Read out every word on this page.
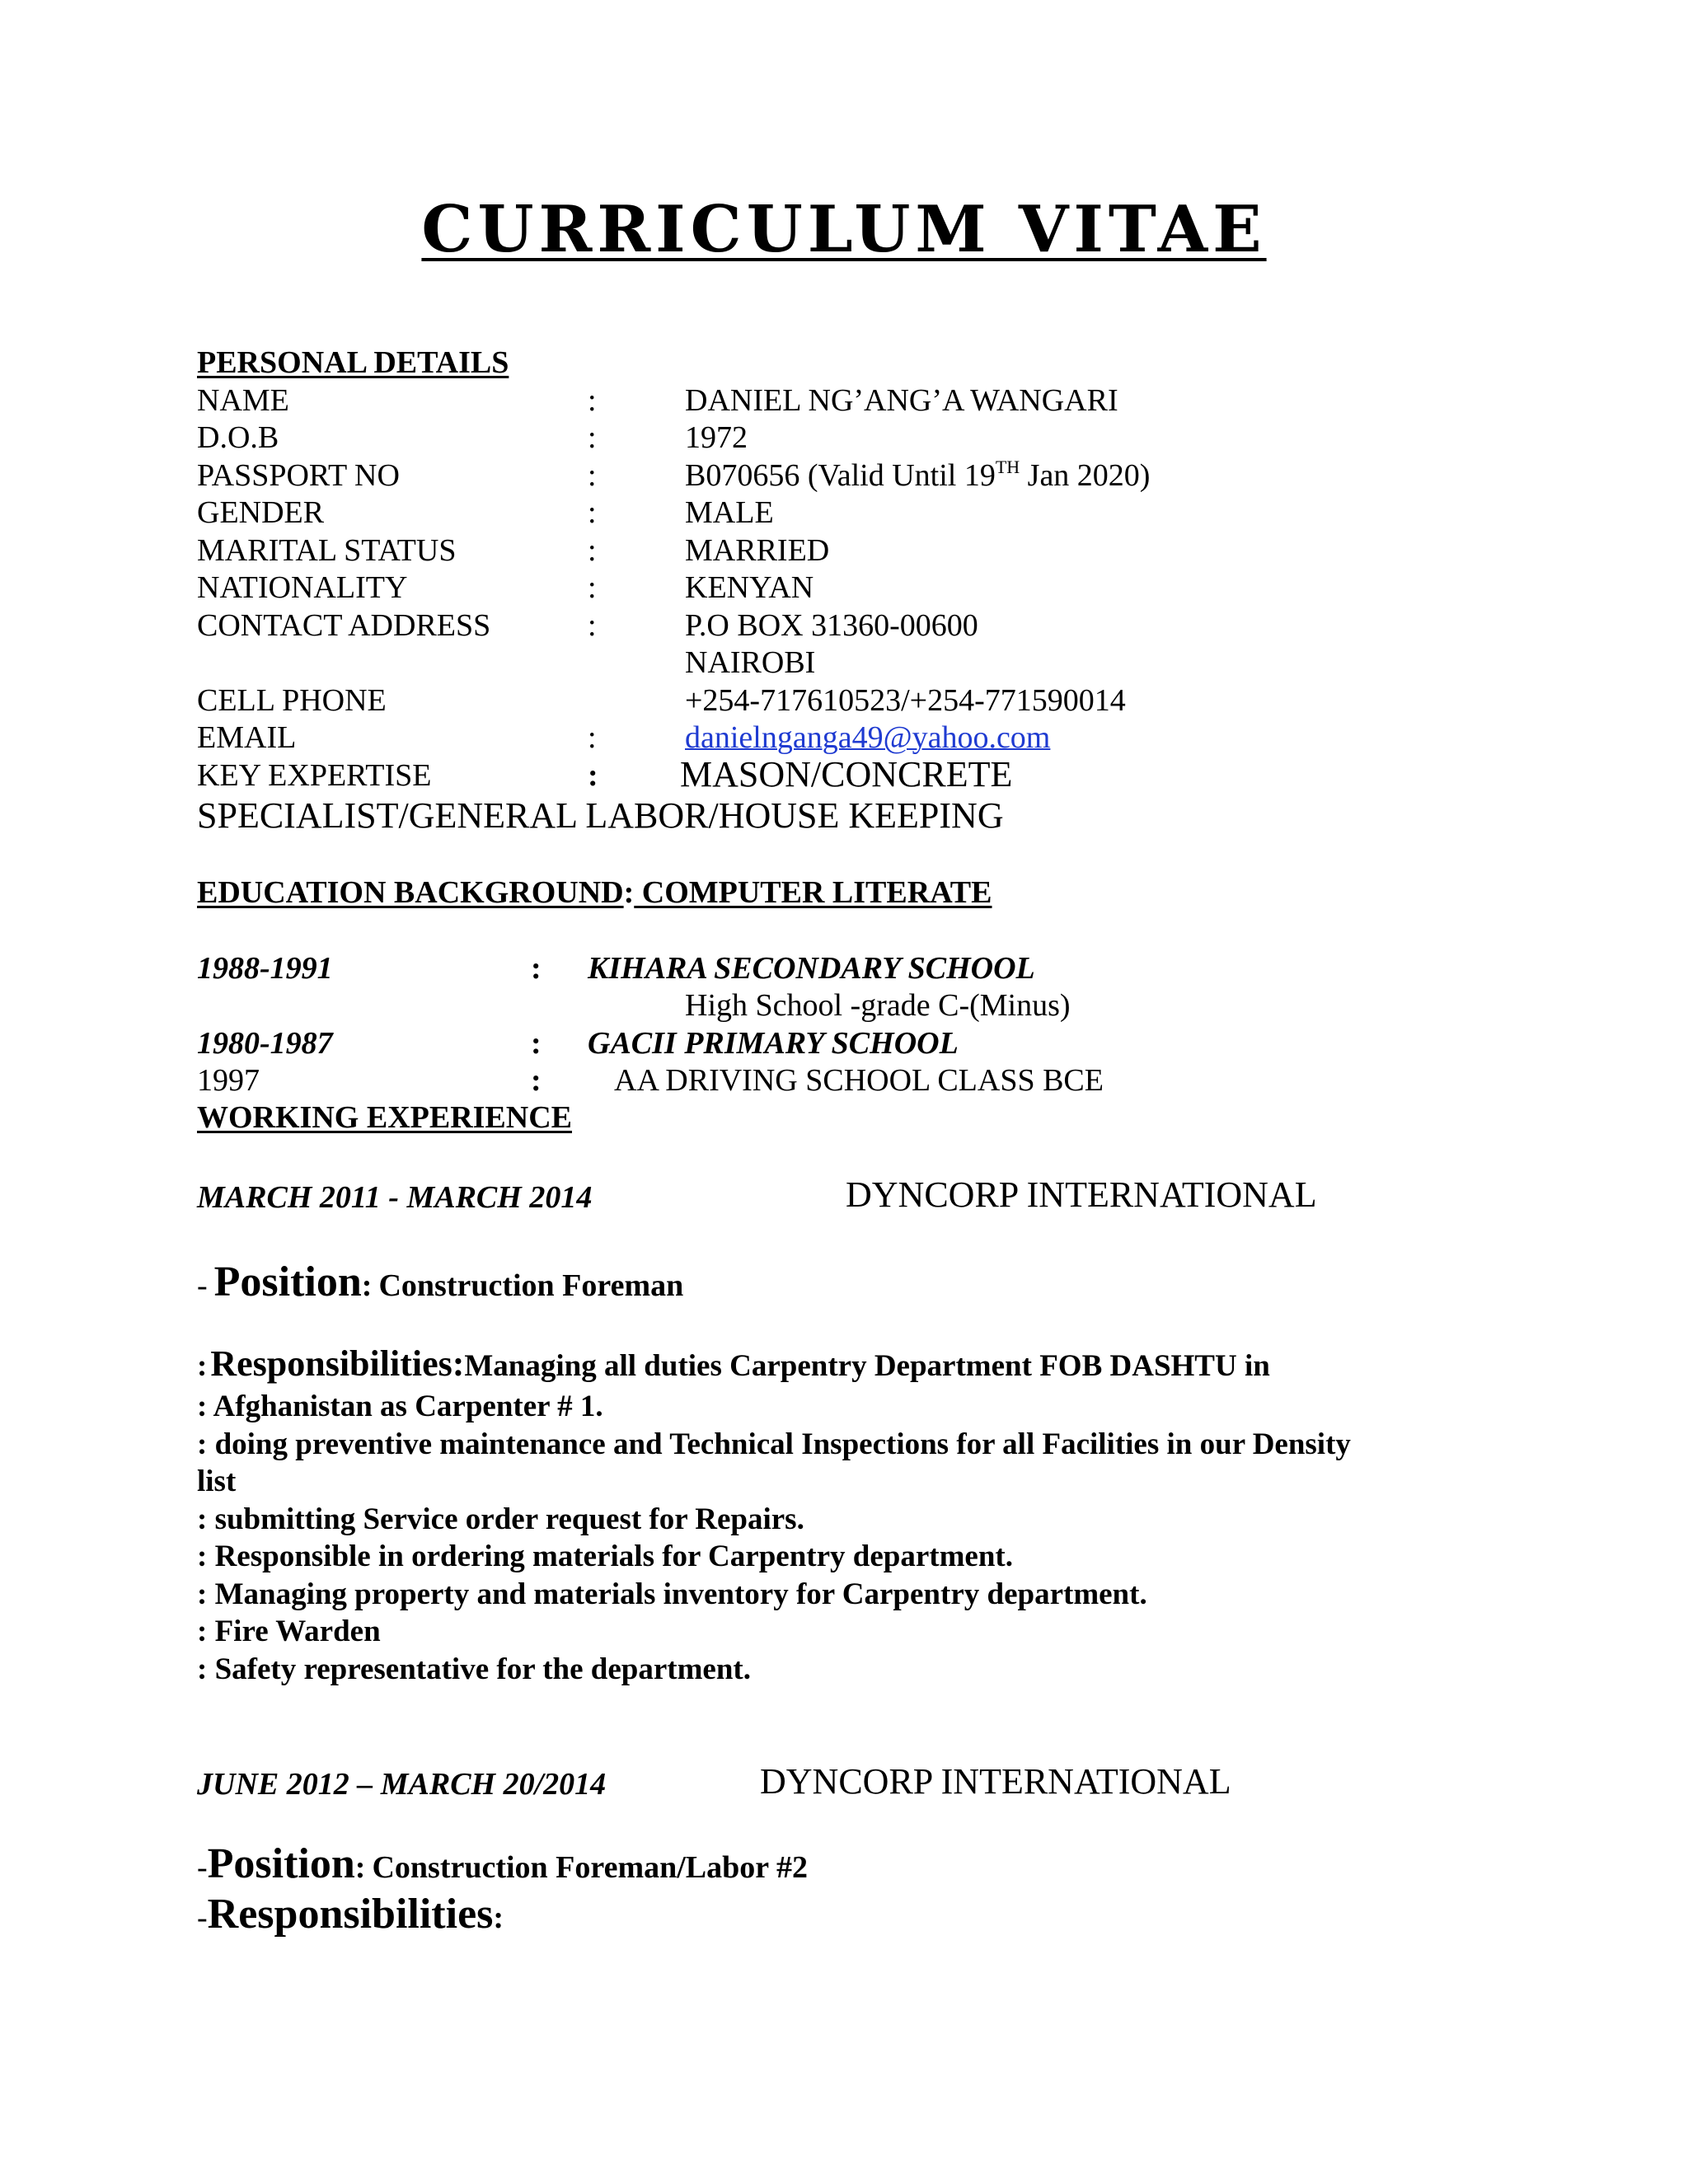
CURRICULUM VITAE
PERSONAL DETAILS
NAME	:	DANIEL NG’ANG’A WANGARI
D.O.B	:	1972
PASSPORT NO	:	B070656 (Valid Until 19TH Jan 2020)
GENDER	:	MALE
MARITAL STATUS	:	MARRIED
NATIONALITY	:	KENYAN
CONTACT ADDRESS	:	P.O BOX 31360-00600
NAIROBI
CELL PHONE	+254-717610523/+254-771590014
EMAIL	:	danielnganga49@yahoo.com
KEY EXPERTISE	: MASON/CONCRETE
SPECIALIST/GENERAL LABOR/HOUSE KEEPING
EDUCATION BACKGROUND: COMPUTER LITERATE
1988-1991	: KIHARA SECONDARY SCHOOL
High School -grade C-(Minus)
1980-1987	: GACII PRIMARY SCHOOL
1997	: AA DRIVING SCHOOL CLASS BCE
WORKING EXPERIENCE
MARCH 2011 - MARCH 2014	DYNCORP INTERNATIONAL
- Position: Construction Foreman
: Responsibilities:Managing all duties Carpentry Department FOB DASHTU in
: Afghanistan as Carpenter # 1.
: doing preventive maintenance and Technical Inspections for all Facilities in our Density
list
: submitting Service order request for Repairs.
: Responsible in ordering materials for Carpentry department.
: Managing property and materials inventory for Carpentry department.
: Fire Warden
: Safety representative for the department.
JUNE 2012 – MARCH 20/2014	DYNCORP INTERNATIONAL
-Position: Construction Foreman/Labor #2
-Responsibilities:
